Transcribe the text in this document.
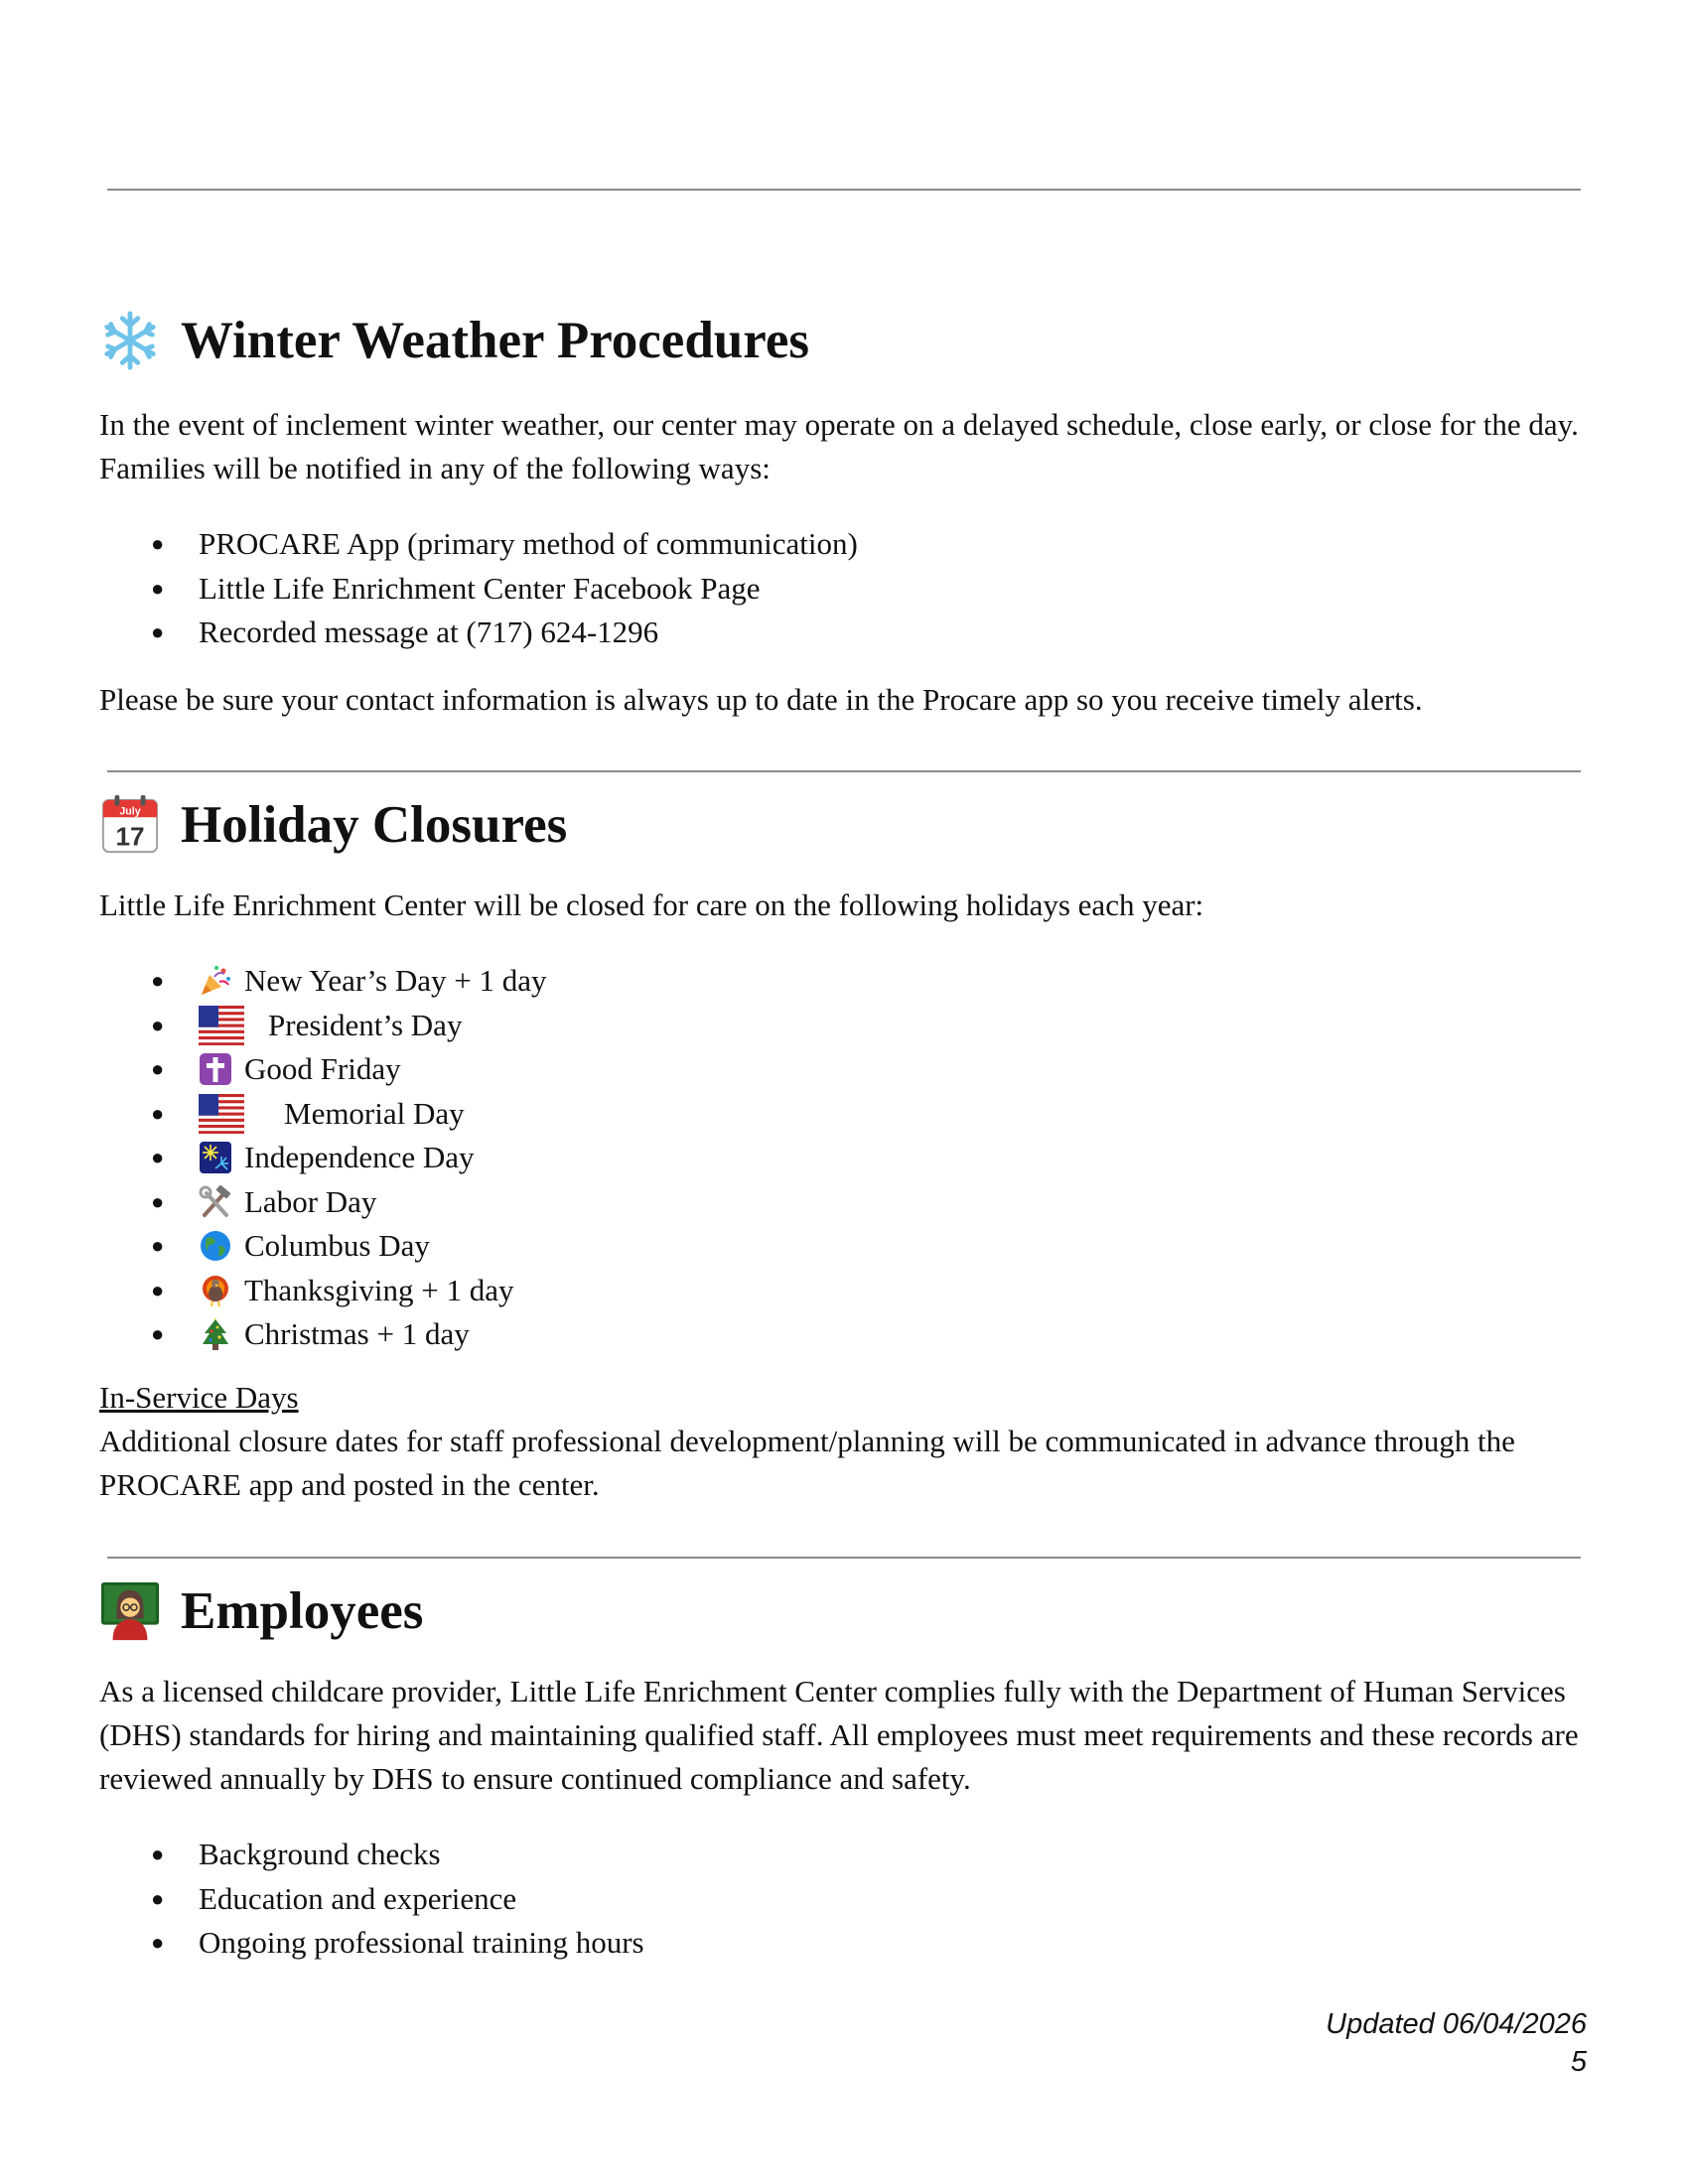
Winter Weather Procedures

In the event of inclement winter weather, our center may operate on a delayed schedule, close early, or close for the day. Families will be notified in any of the following ways:

● PROCARE App (primary method of communication)
● Little Life Enrichment Center Facebook Page
● Recorded message at (717) 624-1296

Please be sure your contact information is always up to date in the Procare app so you receive timely alerts.

July
17 Holiday Closures

Little Life Enrichment Center will be closed for care on the following holidays each year:

● New Year’s Day + 1 day
● President’s Day
● Good Friday
● Memorial Day
● Independence Day
● Labor Day
● Columbus Day
● Thanksgiving + 1 day
● Christmas + 1 day
In-Service Days

Additional closure dates for staff professional development/planning will be communicated in advance through the PROCARE app and posted in the center.

Employees

As a licensed childcare provider, Little Life Enrichment Center complies fully with the Department of Human Services (DHS) standards for hiring and maintaining qualified staff. All employees must meet requirements and these records are reviewed annually by DHS to ensure continued compliance and safety.

● Background checks
● Education and experience
● Ongoing professional training hours
Updated 06/04/2026
5
